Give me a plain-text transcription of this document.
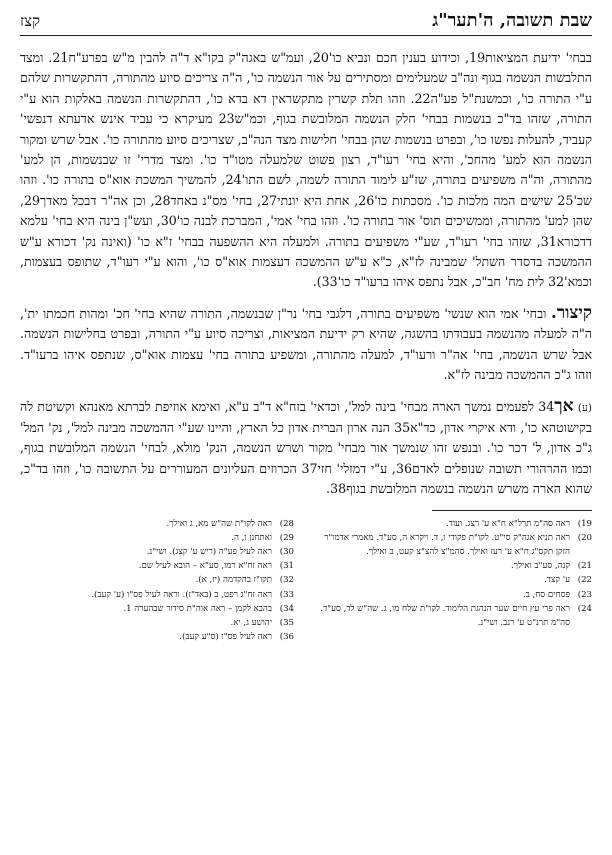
שבת תשובה, ה'תער"ג
קצז

בבחי' ידיעת המציאות19, וכידוע בענין חכם ונביא כו'20, ועמ"ש באגה"ק בקו"א ד"ה להבין מ"ש בפרע"ח21. ומצד התלבשות הנשמה בגוף ונה"ב שמעלימים ומסתירים על אור הנשמה כו', ה"ה צריכים סיוע מהתורה, דהתקשרות שלהם ע"י התורה כו', וכמשנת"ל פע"ה22. וזהו תלת קשרין מתקשראין דא בדא כו', דהתקשרות הנשמה באלקות הוא ע"י התורה, שזהו בד"כ בנשמות בבחי' חלק הנשמה המלובשת בגוף, וכמ"ש23 מעיקרא כי עביד אינש אדעתא דנפשי' קעביד, להעלות נפשו כו', ובפרט בנשמות שהן בבחי' חלישות מצד הנה"ב, שצריכים סיוע מהתורה כו'. אבל שרש ומקור הנשמה הוא למע' מהחכ', והיא בחי' רעו"ד, רצון פשוט שלמעלה מטו"ד כו'. ומצד מדרי' זו שבנשמות, הן למע' מהתורה, וה"ה משפיעים בתורה, שז"ע לימוד התורה לשמה, לשם התו'24, להמשיך המשכת אוא"ס בתורה כו'. וזהו שכ'25 שישים המה מלכות כו'. מסכתות כו'26, אחת היא יונתי27, בחי' מס"נ באחד28, וכן אה"ר דבכל מאדך29, שהן למע' מהתורה, וממשיכים תוס' אור בתורה כו'. וזהו בחי' אמי', המברכת לבנה כו'30, ועש"ן בינה היא בחי' עלמא דדכורא31, שזהו בחי' רעו"ד, שע"י משפיעים בתורה. ולמעלה היא ההשפעה בבחי' ז"א כו' (ואינה נק' דכורא ע"ש ההמשכה בדסדר השתל' שמבינה לז"א, כ"א ע"ש ההמשכה דעצמות אוא"ס כו', והוא ע"י רעו"ד, שתופס בעצמות, וכמא'32 לית מח' חב"כ, אבל נתפס איהו ברעו"ד כו'33).

קיצור. ובחי' אמי הוא שנשי' משפיעים בתורה, דלגבי בחי' נר"ן שבנשמה, התורה שהיא בחי' חכ' ומהות חכמתו ית', ה"ה למעלה מהנשמה בעבודתו בהשגה, שהיא רק ידיעת המציאות, וצריכה סיוע ע"י התורה, ובפרט בחלישות הנשמה. אבל שרש הנשמה, בחי' אה"ר ורעו"ד, למעלה מהתורה, ומשפיע בתורה בחי' עצמות אוא"ס, שנתפס איהו ברעו"ד. וזהו ג"כ ההמשכה מבינה לז"א.

(ע) אך34 לפעמים נמשך הארה מבחי' בינה למל', וכדאי' בזח"א ד"ב ע"א, ואימא אוזיפת לברתא מאנהא וקשיטת לה בקישוטהא כו', ודא איקרי אדון, כד"א35 הנה ארון הברית אדון כל הארץ, והיינו שע"י ההמשכה מבינה למל', נק' המל' ג"כ אדון, ל' דכר כו'. ובנפש זהו שנמשך אור מבחי' מקור ושרש הנשמה, הנק' מולא, לבחי' הנשמה המלובשת בגוף, וכמו ההרהורי תשובה שנופלים לאדם36, ע"י דמזלי' חזי37 הכרוזים העליונים המעוררים על התשובה כו', וזהו בד"כ, שהוא הארה משרש הנשמה בנשמה המלובשת בגוף38.

19)
ראה סה"מ תרל"א ח"א ע' רצג. ועוד.
20)
ראה תניא אגה"ק סי"ט. לקו"ת פקודי ו, ד. ויקרא ה, סע"ד. מאמרי אדמו"ר הזקן תקס"ג ח"א ע' רעז ואילך. סהמ"צ להצ"צ קעט, ב ואילך.
21)
קנה, סע"ב ואילך.
22)
ע' קצד.
23)
פסחים סח, ב.
24)
ראה פרי עץ חיים שער הנהגת הלימוד. לקו"ת שלח מו, ג. שה"ש לד, סע"ד. סה"מ תרנ"ט ע' רנב. ושי"נ.
28)
ראה לקו"ת שה"ש מא, ג ואילך.
29)
ואתחנן ו, ה.
30)
ראה לעיל פע"ה (ריש ע' קצג). ושי"נ.
31)
ראה זח"א רמו, סע"א – הובא לעיל שם.
32)
תקו"ז בהקדמה (יז, א).
33)
ראה זח"ג רפט, ב (באד"ז). וראה לעיל פס"ו (ע' קעב).
34)
בהבא לקמן – ראה אוה"ת סידור שבהערה 1.
35)
יהושע ג, יא.
36)
ראה לעיל פס"ו (ס"ע קעב).
